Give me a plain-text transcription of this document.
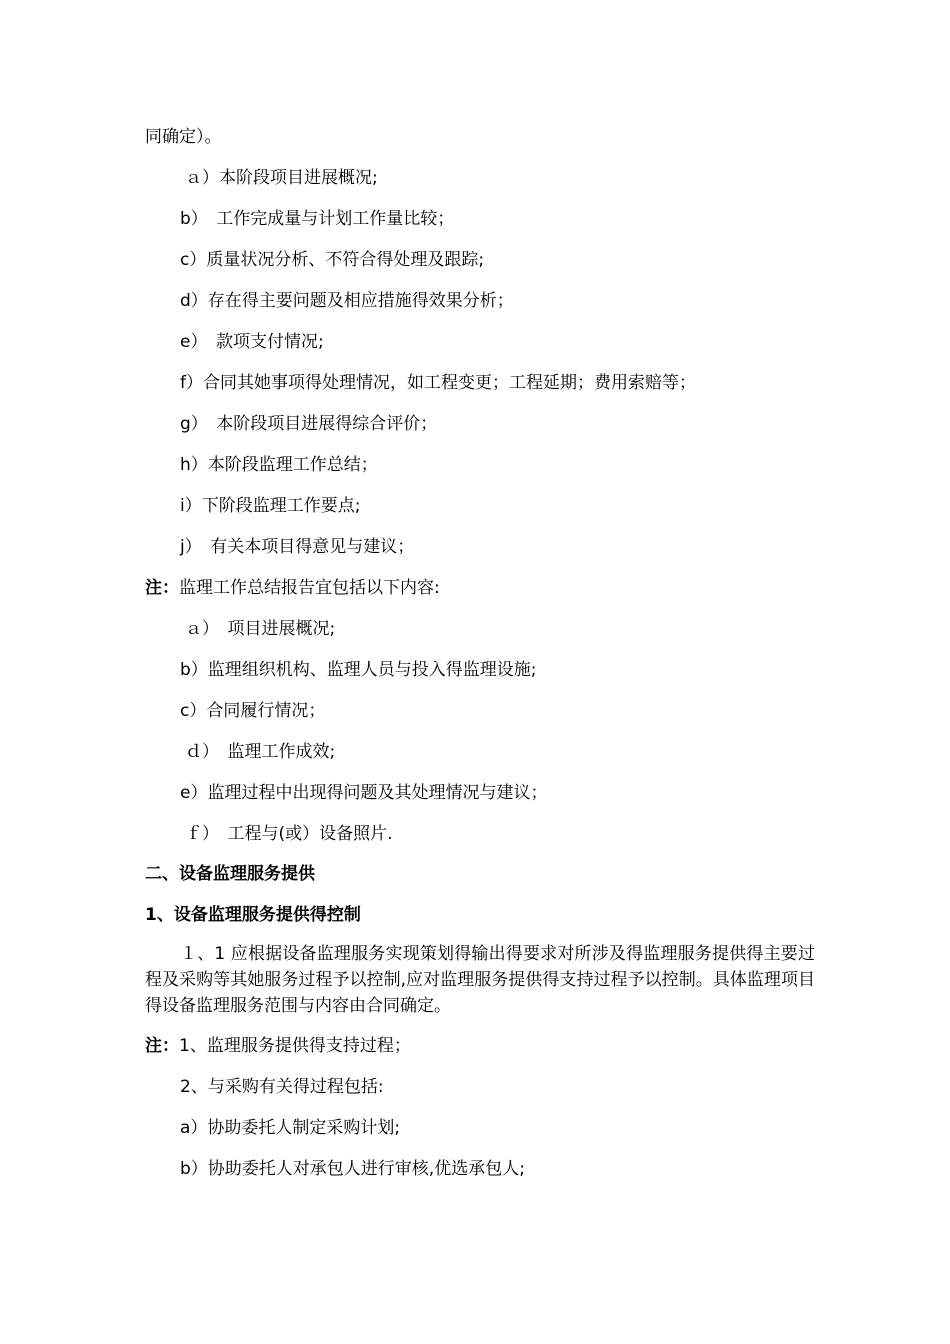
同确定）。
ａ）本阶段项目进展概况;
b）　工作完成量与计划工作量比较；
c）质量状况分析、不符合得处理及跟踪;
d）存在得主要问题及相应措施得效果分析；
e）　款项支付情况;
f）合同其她事项得处理情况，如工程变更；工程延期；费用索赔等；
g）　本阶段项目进展得综合评价；
h）本阶段监理工作总结；
i）下阶段监理工作要点;
j）　有关本项目得意见与建议；
注：监理工作总结报告宜包括以下内容:
ａ）　项目进展概况;
b）监理组织机构、监理人员与投入得监理设施;
c）合同履行情况；
ｄ）　监理工作成效;
e）监理过程中出现得问题及其处理情况与建议；
ｆ）　工程与(或）设备照片.
二、设备监理服务提供
1、设备监理服务提供得控制
１、1 应根据设备监理服务实现策划得输出得要求对所涉及得监理服务提供得主要过程及采购等其她服务过程予以控制,应对监理服务提供得支持过程予以控制。具体监理项目得设备监理服务范围与内容由合同确定。
注：1、监理服务提供得支持过程；
2、与采购有关得过程包括:
a）协助委托人制定采购计划;
b）协助委托人对承包人进行审核,优选承包人;
